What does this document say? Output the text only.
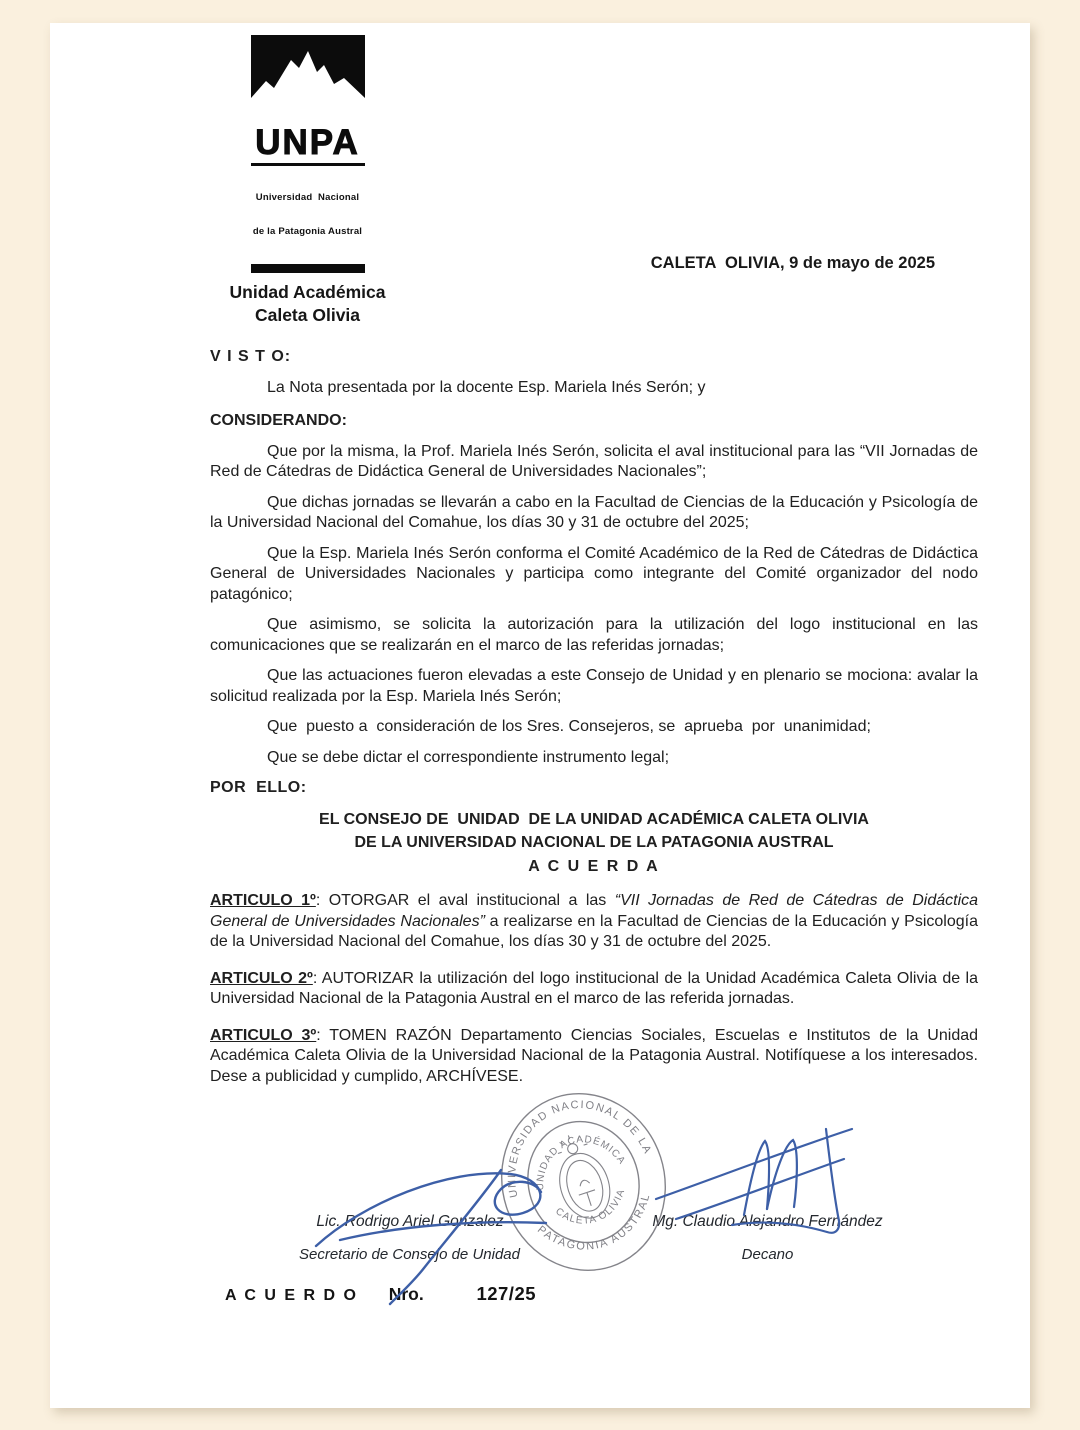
UNPA

Universidad  Nacional

de la Patagonia Austral

Unidad Académica
Caleta Olivia
CALETA  OLIVIA, 9 de mayo de 2025

V I S T O:

La Nota presentada por la docente Esp. Mariela Inés Serón; y

CONSIDERANDO:

Que por la misma, la Prof. Mariela Inés Serón, solicita el aval institucional para las “VII Jornadas de Red de Cátedras de Didáctica General de Universidades Nacionales”;

Que dichas jornadas se llevarán a cabo en la Facultad de Ciencias de la Educación y Psicología de la Universidad Nacional del Comahue, los días 30 y 31 de octubre del 2025;

Que la Esp. Mariela Inés Serón conforma el Comité Académico de la Red de Cátedras de Didáctica General de Universidades Nacionales y participa como integrante del Comité organizador del nodo patagónico;

Que asimismo, se solicita la autorización para la utilización del logo institucional en las comunicaciones que se realizarán en el marco de las referidas jornadas;

Que las actuaciones fueron elevadas a este Consejo de Unidad y en plenario se mociona: avalar la solicitud realizada por la Esp. Mariela Inés Serón;

Que  puesto a  consideración de los Sres. Consejeros, se  aprueba  por  unanimidad;

Que se debe dictar el correspondiente instrumento legal;

POR  ELLO:

EL CONSEJO DE  UNIDAD  DE LA UNIDAD ACADÉMICA CALETA OLIVIA

DE LA UNIVERSIDAD NACIONAL DE LA PATAGONIA AUSTRAL

A C U E R D A

ARTICULO 1º: OTORGAR el aval institucional a las “VII Jornadas de Red de Cátedras de Didáctica General de Universidades Nacionales” a realizarse en la Facultad de Ciencias de la Educación y Psicología de la Universidad Nacional del Comahue, los días 30 y 31 de octubre del 2025.

ARTICULO 2º: AUTORIZAR la utilización del logo institucional de la Unidad Académica Caleta Olivia de la Universidad Nacional de la Patagonia Austral en el marco de las referida jornadas.

ARTICULO 3º: TOMEN RAZÓN Departamento Ciencias Sociales, Escuelas e Institutos de la Unidad Académica Caleta Olivia de la Universidad Nacional de la Patagonia Austral. Notifíquese a los interesados. Dese a publicidad y cumplido, ARCHÍVESE.

UNIVERSIDAD NACIONAL DE LA
PATAGONIA AUSTRAL
UNIDAD ACADÉMICA
CALETA OLIVIA
Lic. Rodrigo Ariel Gonzalez
Secretario de Consejo de Unidad
Mg. Claudio Alejandro Fernández
Decano
A C U E R D O Nro.	127/25
